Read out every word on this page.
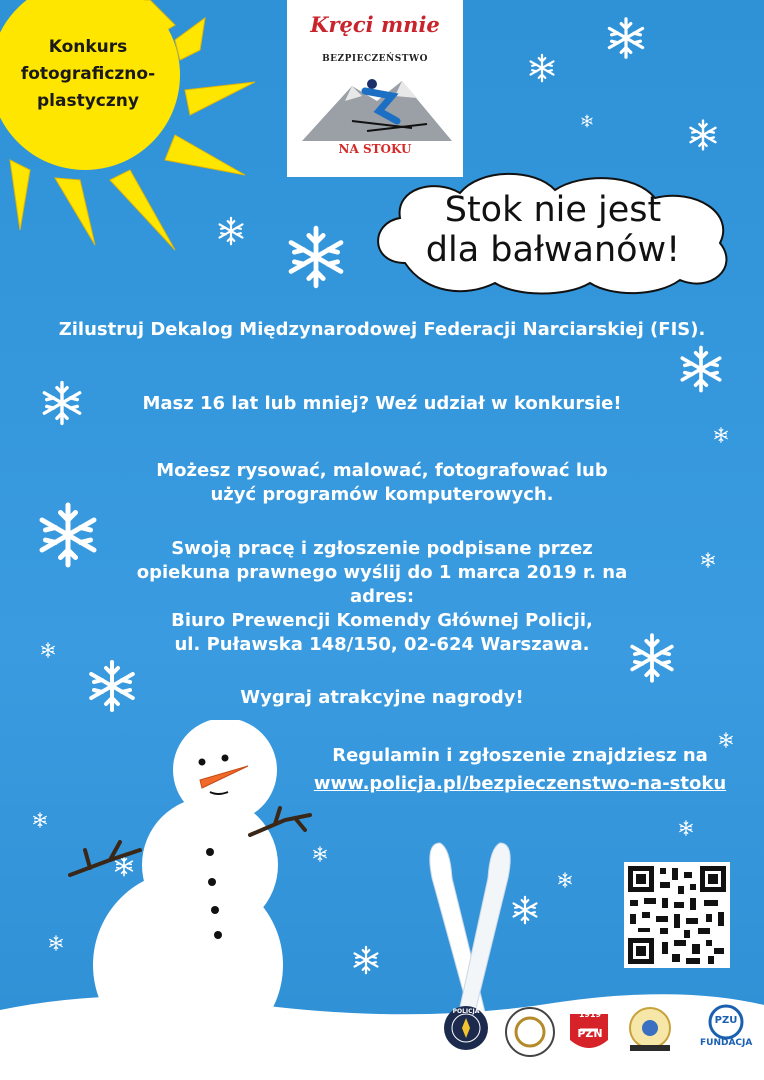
Konkurs
fotograficzno-
plastyczny
Kręci mnie
BEZPIECZEŃSTWO
NA STOKU
Stok nie jest
dla bałwanów!
Zilustruj Dekalog Międzynarodowej Federacji Narciarskiej (FIS).
Masz 16 lat lub mniej? Weź udział w konkursie!
Możesz rysować, malować, fotografować lub
użyć programów komputerowych.
Swoją pracę i zgłoszenie podpisane przez
opiekuna prawnego wyślij do 1 marca 2019 r. na
adres:
Biuro Prewencji Komendy Głównej Policji,
ul. Puławska 148/150, 02-624 Warszawa.
Wygraj atrakcyjne nagrody!
Regulamin i zgłoszenie znajdziesz na
www.policja.pl/bezpieczenstwo-na-stoku
1919
PZN
POLICJA
PZU
FUNDACJA
